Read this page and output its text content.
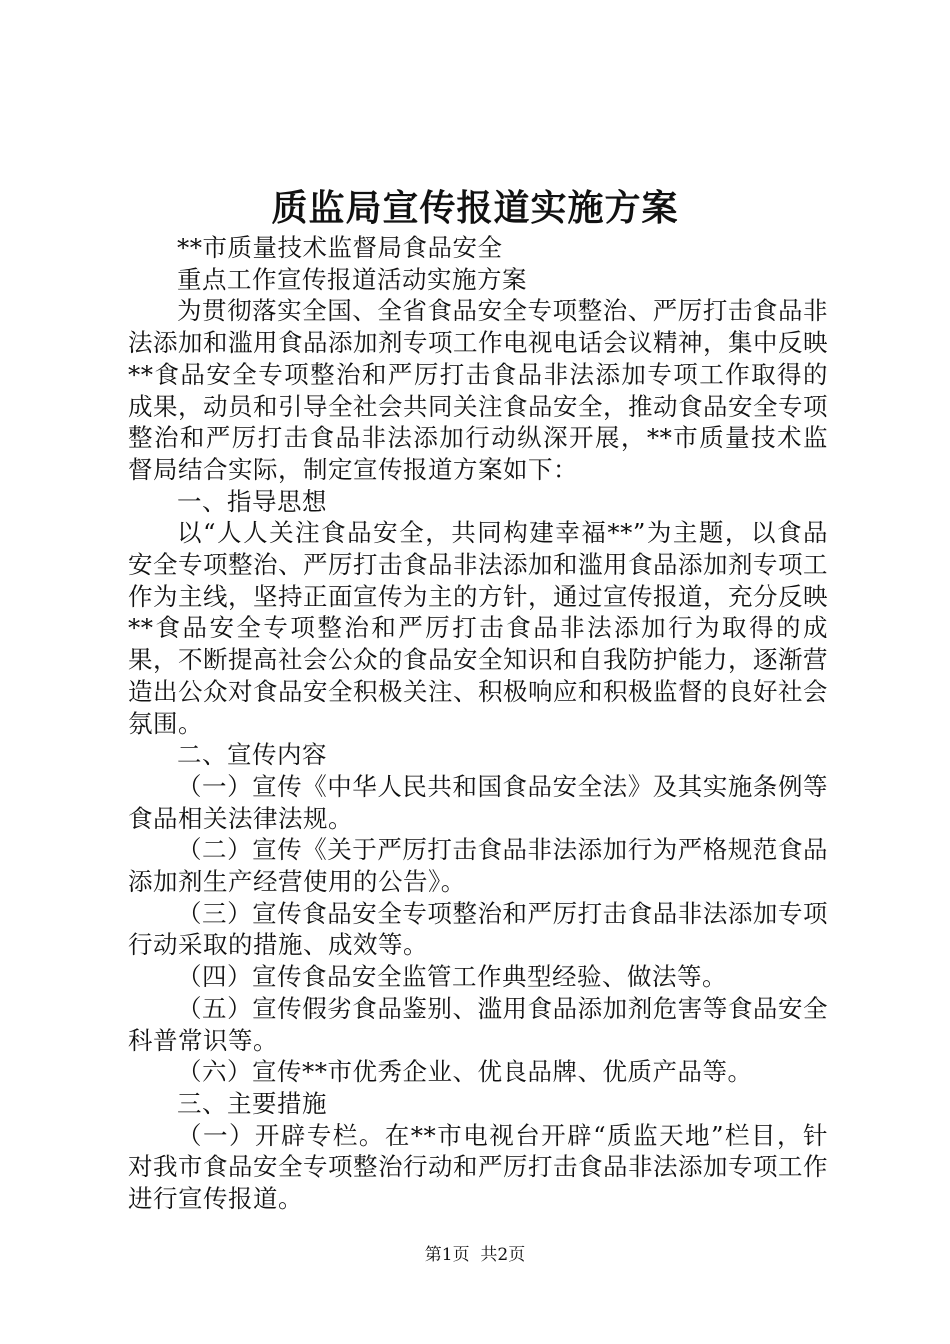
质监局宣传报道实施方案

**市质量技术监督局食品安全

重点工作宣传报道活动实施方案

为贯彻落实全国、全省食品安全专项整治、严厉打击食品非法添加和滥用食品添加剂专项工作电视电话会议精神，集中反映**食品安全专项整治和严厉打击食品非法添加专项工作取得的成果，动员和引导全社会共同关注食品安全，推动食品安全专项整治和严厉打击食品非法添加行动纵深开展，**市质量技术监督局结合实际，制定宣传报道方案如下：

一、指导思想

以“人人关注食品安全，共同构建幸福**”为主题，以食品安全专项整治、严厉打击食品非法添加和滥用食品添加剂专项工作为主线，坚持正面宣传为主的方针，通过宣传报道，充分反映**食品安全专项整治和严厉打击食品非法添加行为取得的成果，不断提高社会公众的食品安全知识和自我防护能力，逐渐营造出公众对食品安全积极关注、积极响应和积极监督的良好社会氛围。

二、宣传内容

（一）宣传《中华人民共和国食品安全法》及其实施条例等食品相关法律法规。

（二）宣传《关于严厉打击食品非法添加行为严格规范食品添加剂生产经营使用的公告》。

（三）宣传食品安全专项整治和严厉打击食品非法添加专项行动采取的措施、成效等。

（四）宣传食品安全监管工作典型经验、做法等。

（五）宣传假劣食品鉴别、滥用食品添加剂危害等食品安全科普常识等。

（六）宣传**市优秀企业、优良品牌、优质产品等。

三、主要措施

（一）开辟专栏。在**市电视台开辟“质监天地”栏目，针对我市食品安全专项整治行动和严厉打击食品非法添加专项工作进行宣传报道。

第1页 共2页
